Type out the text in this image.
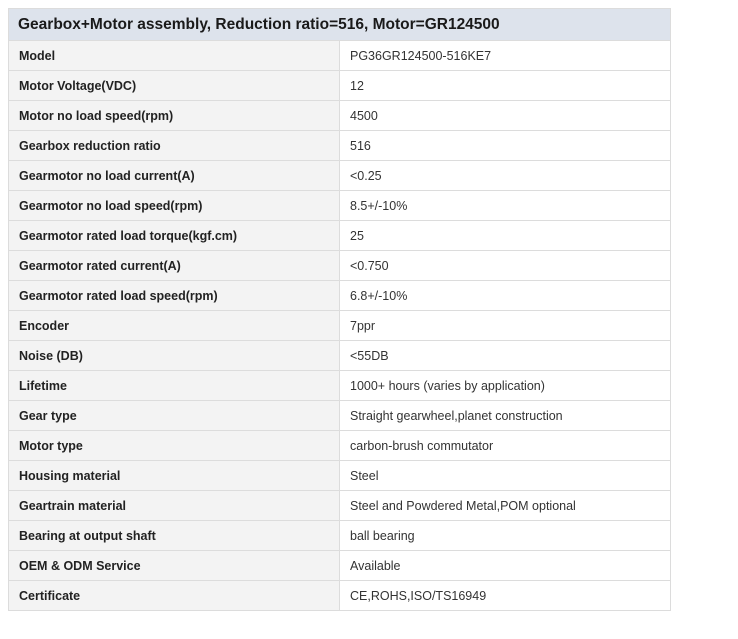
Gearbox+Motor assembly, Reduction ratio=516, Motor=GR124500	
Model	PG36GR124500-516KE7
Motor Voltage(VDC)	12
Motor no load speed(rpm)	4500
Gearbox reduction ratio	516
Gearmotor no load current(A)	<0.25
Gearmotor no load speed(rpm)	8.5+/-10%
Gearmotor rated load torque(kgf.cm)	25
Gearmotor rated current(A)	<0.750
Gearmotor rated load speed(rpm)	6.8+/-10%
Encoder	7ppr
Noise (DB)	<55DB
Lifetime	1000+ hours (varies by application)
Gear type	Straight gearwheel,planet construction
Motor type	carbon-brush commutator
Housing material	Steel
Geartrain material	Steel and Powdered Metal,POM optional
Bearing at output shaft	ball bearing
OEM & ODM Service	Available
Certificate	CE,ROHS,ISO/TS16949
